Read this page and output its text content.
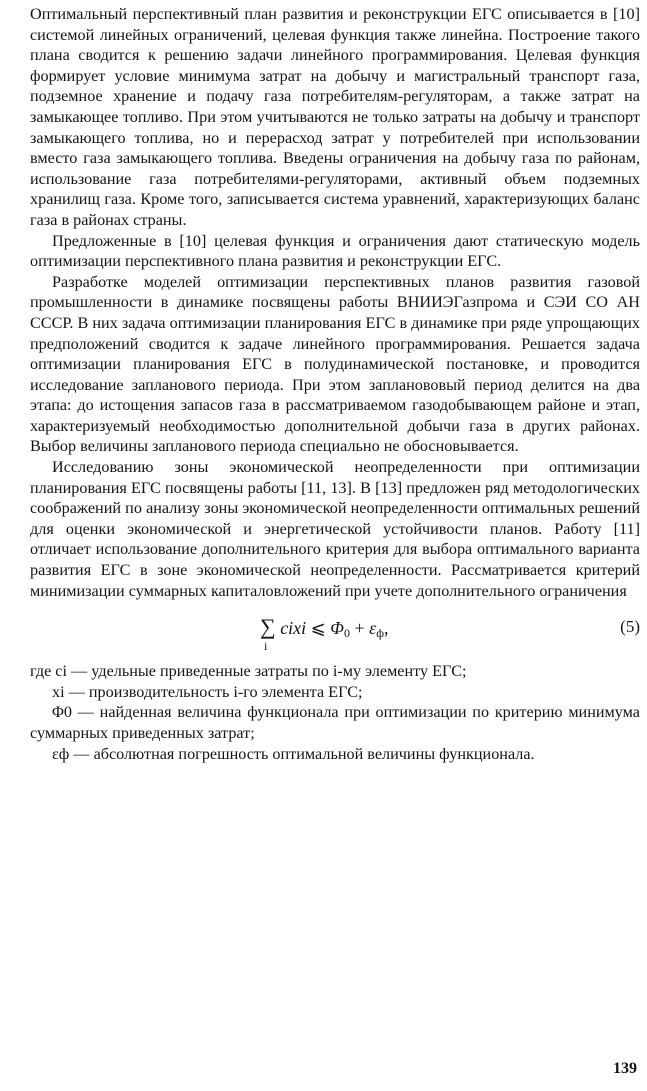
Оптимальный перспективный план развития и реконструкции ЕГС описывается в [10] системой линейных ограничений, целевая функция также линейна. Построение такого плана сводится к решению задачи линейного программирования. Целевая функция формирует условие минимума затрат на добычу и магистральный транспорт газа, подземное хранение и подачу газа потребителям-регуляторам, а также затрат на замыкающее топливо. При этом учитываются не только затраты на добычу и транспорт замыкающего топлива, но и перерасход затрат у потребителей при использовании вместо газа замыкающего топлива. Введены ограничения на добычу газа по районам, использование газа потребителями-регуляторами, активный объем подземных хранилищ газа. Кроме того, записывается система уравнений, характеризующих баланс газа в районах страны.

Предложенные в [10] целевая функция и ограничения дают статическую модель оптимизации перспективного плана развития и реконструкции ЕГС.

Разработке моделей оптимизации перспективных планов развития газовой промышленности в динамике посвящены работы ВНИИЭГазпрома и СЭИ СО АН СССР. В них задача оптимизации планирования ЕГС в динамике при ряде упрощающих предположений сводится к задаче линейного программирования. Решается задача оптимизации планирования ЕГС в полудинамической постановке, и проводится исследование запланового периода. При этом запланововый период делится на два этапа: до истощения запасов газа в рассматриваемом газодобывающем районе и этап, характеризуемый необходимостью дополнительной добычи газа в других районах. Выбор величины запланового периода специально не обосновывается.

Исследованию зоны экономической неопределенности при оптимизации планирования ЕГС посвящены работы [11, 13]. В [13] предложен ряд методологических соображений по анализу зоны экономической неопределенности оптимальных решений для оценки экономической и энергетической устойчивости планов. Работу [11] отличает использование дополнительного критерия для выбора оптимального варианта развития ЕГС в зоне экономической неопределенности. Рассматривается критерий минимизации суммарных капиталовложений при учете дополнительного ограничения

∑
i
cixi ⩽ $\Phi_0 + \varepsilon_ф$,	(5)

где ci — удельные приведенные затраты по i-му элементу ЕГС;

xi — производительность i-го элемента ЕГС;

Φ0 — найденная величина функционала при оптимизации по критерию минимума суммарных приведенных затрат;

εф — абсолютная погрешность оптимальной величины функционала.

139
